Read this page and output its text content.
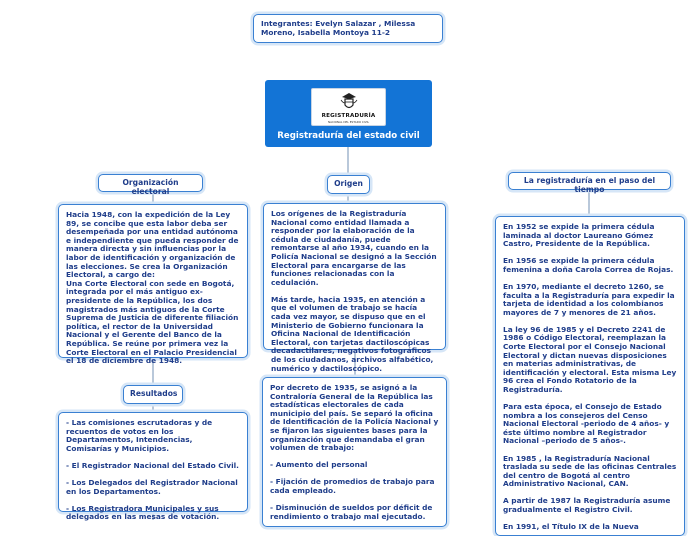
Integrantes: Evelyn Salazar , Milessa Moreno, Isabella Montoya 11-2
REGISTRADURÍA
NACIONAL DEL ESTADO CIVIL
Registraduría del estado civil
Organización electoral
Hacia 1948, con la expedición de la Ley 89, se concibe que esta labor deba ser desempeñada por una entidad autónoma e independiente que pueda responder de manera directa y sin influencias por la labor de identificación y organización de las elecciones. Se crea la Organización Electoral, a cargo de:
Una Corte Electoral con sede en Bogotá, integrada por el más antiguo ex-presidente de la República, los dos magistrados más antiguos de la Corte Suprema de Justicia de diferente filiación política, el rector de la Universidad Nacional y el Gerente del Banco de la República. Se reúne por primera vez la Corte Electoral en el Palacio Presidencial el 18 de diciembre de 1948.
Resultados
- Las comisiones escrutadoras y de recuentos de votos en los Departamentos, Intendencias, Comisarías y Municipios.
- El Registrador Nacional del Estado Civil.
- Los Delegados del Registrador Nacional en los Departamentos.
- Los Registradora Municipales y sus delegados en las mesas de votación.
Origen
Los orígenes de la Registraduría Nacional como entidad llamada a responder por la elaboración de la cédula de ciudadanía, puede remontarse al año 1934, cuando en la Policía Nacional se designó a la Sección Electoral para encargarse de las funciones relacionadas con la cedulación.
Más tarde, hacia 1935, en atención a que el volumen de trabajo se hacía cada vez mayor, se dispuso que en el Ministerio de Gobierno funcionara la Oficina Nacional de Identificación Electoral, con tarjetas dactiloscópicas decadactilares, negativos fotográficos de los ciudadanos, archivos alfabético, numérico y dactiloscópico.
Por decreto de 1935, se asignó a la Contraloría General de la República las estadísticas electorales de cada municipio del país. Se separó la oficina de Identificación de la Policía Nacional y se fijaron las siguientes bases para la organización que demandaba el gran volumen de trabajo:
- Aumento del personal
- Fijación de promedios de trabajo para cada empleado.
- Disminución de sueldos por déficit de rendimiento o trabajo mal ejecutado.
La registraduría en el paso del tiempo
En 1952 se expide la primera cédula laminada al doctor Laureano Gómez Castro, Presidente de la República.
En 1956 se expide la primera cédula femenina a doña Carola Correa de Rojas.
En 1970, mediante el decreto 1260, se faculta a la Registraduría para expedir la tarjeta de identidad a los colombianos mayores de 7 y menores de 21 años.
La ley 96 de 1985 y el Decreto 2241 de 1986 o Código Electoral, reemplazan la Corte Electoral por el Consejo Nacional Electoral y dictan nuevas disposiciones en materias administrativas, de identificación y electoral. Esta misma Ley 96 crea el Fondo Rotatorio de la Registraduría.
Para esta época, el Consejo de Estado nombra a los consejeros del Censo Nacional Electoral -periodo de 4 años- y éste último nombre al Registrador Nacional –periodo de 5 años-.
En 1985 , la Registraduría Nacional traslada su sede de las oficinas Centrales del centro de Bogotá al centro Administrativo Nacional, CAN.
A partir de 1987 la Registraduría asume gradualmente el Registro Civil.
En 1991, el Título IX de la Nueva
